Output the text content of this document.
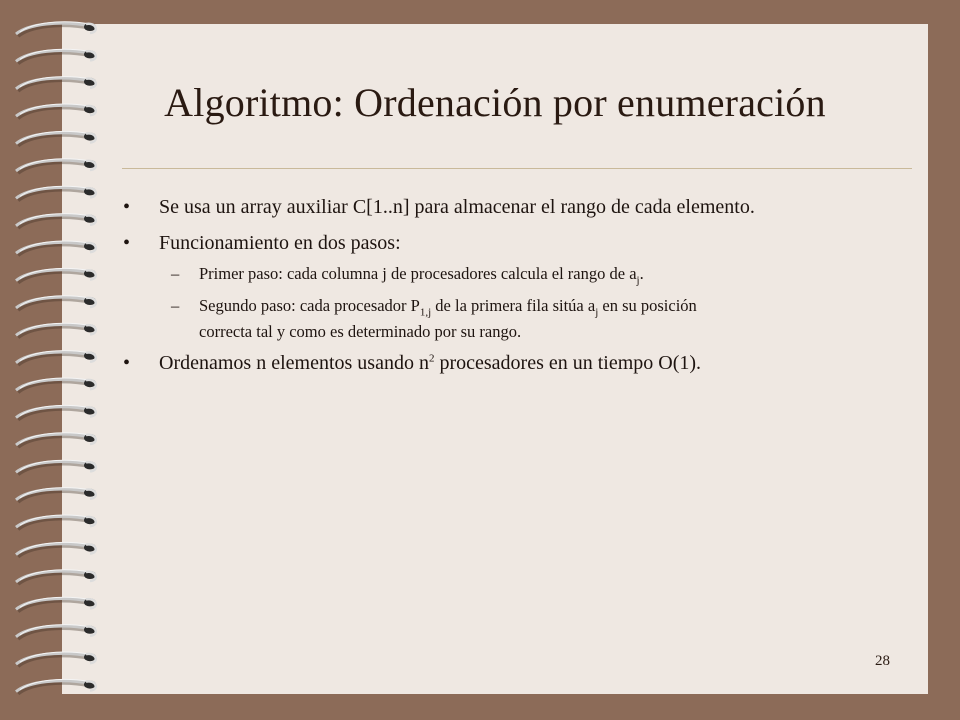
Algoritmo: Ordenación por enumeración
• Se usa un array auxiliar C[1..n] para almacenar el rango de cada elemento.
• Funcionamiento en dos pasos:
– Primer paso: cada columna j de procesadores calcula el rango de $a_j$.
– Segundo paso: cada procesador $P_{1,j}$ de la primera fila sitúa $a_j$ en su posición
correcta tal y como es determinado por su rango.
• Ordenamos n elementos usando $n^2$ procesadores en un tiempo O(1).
28
